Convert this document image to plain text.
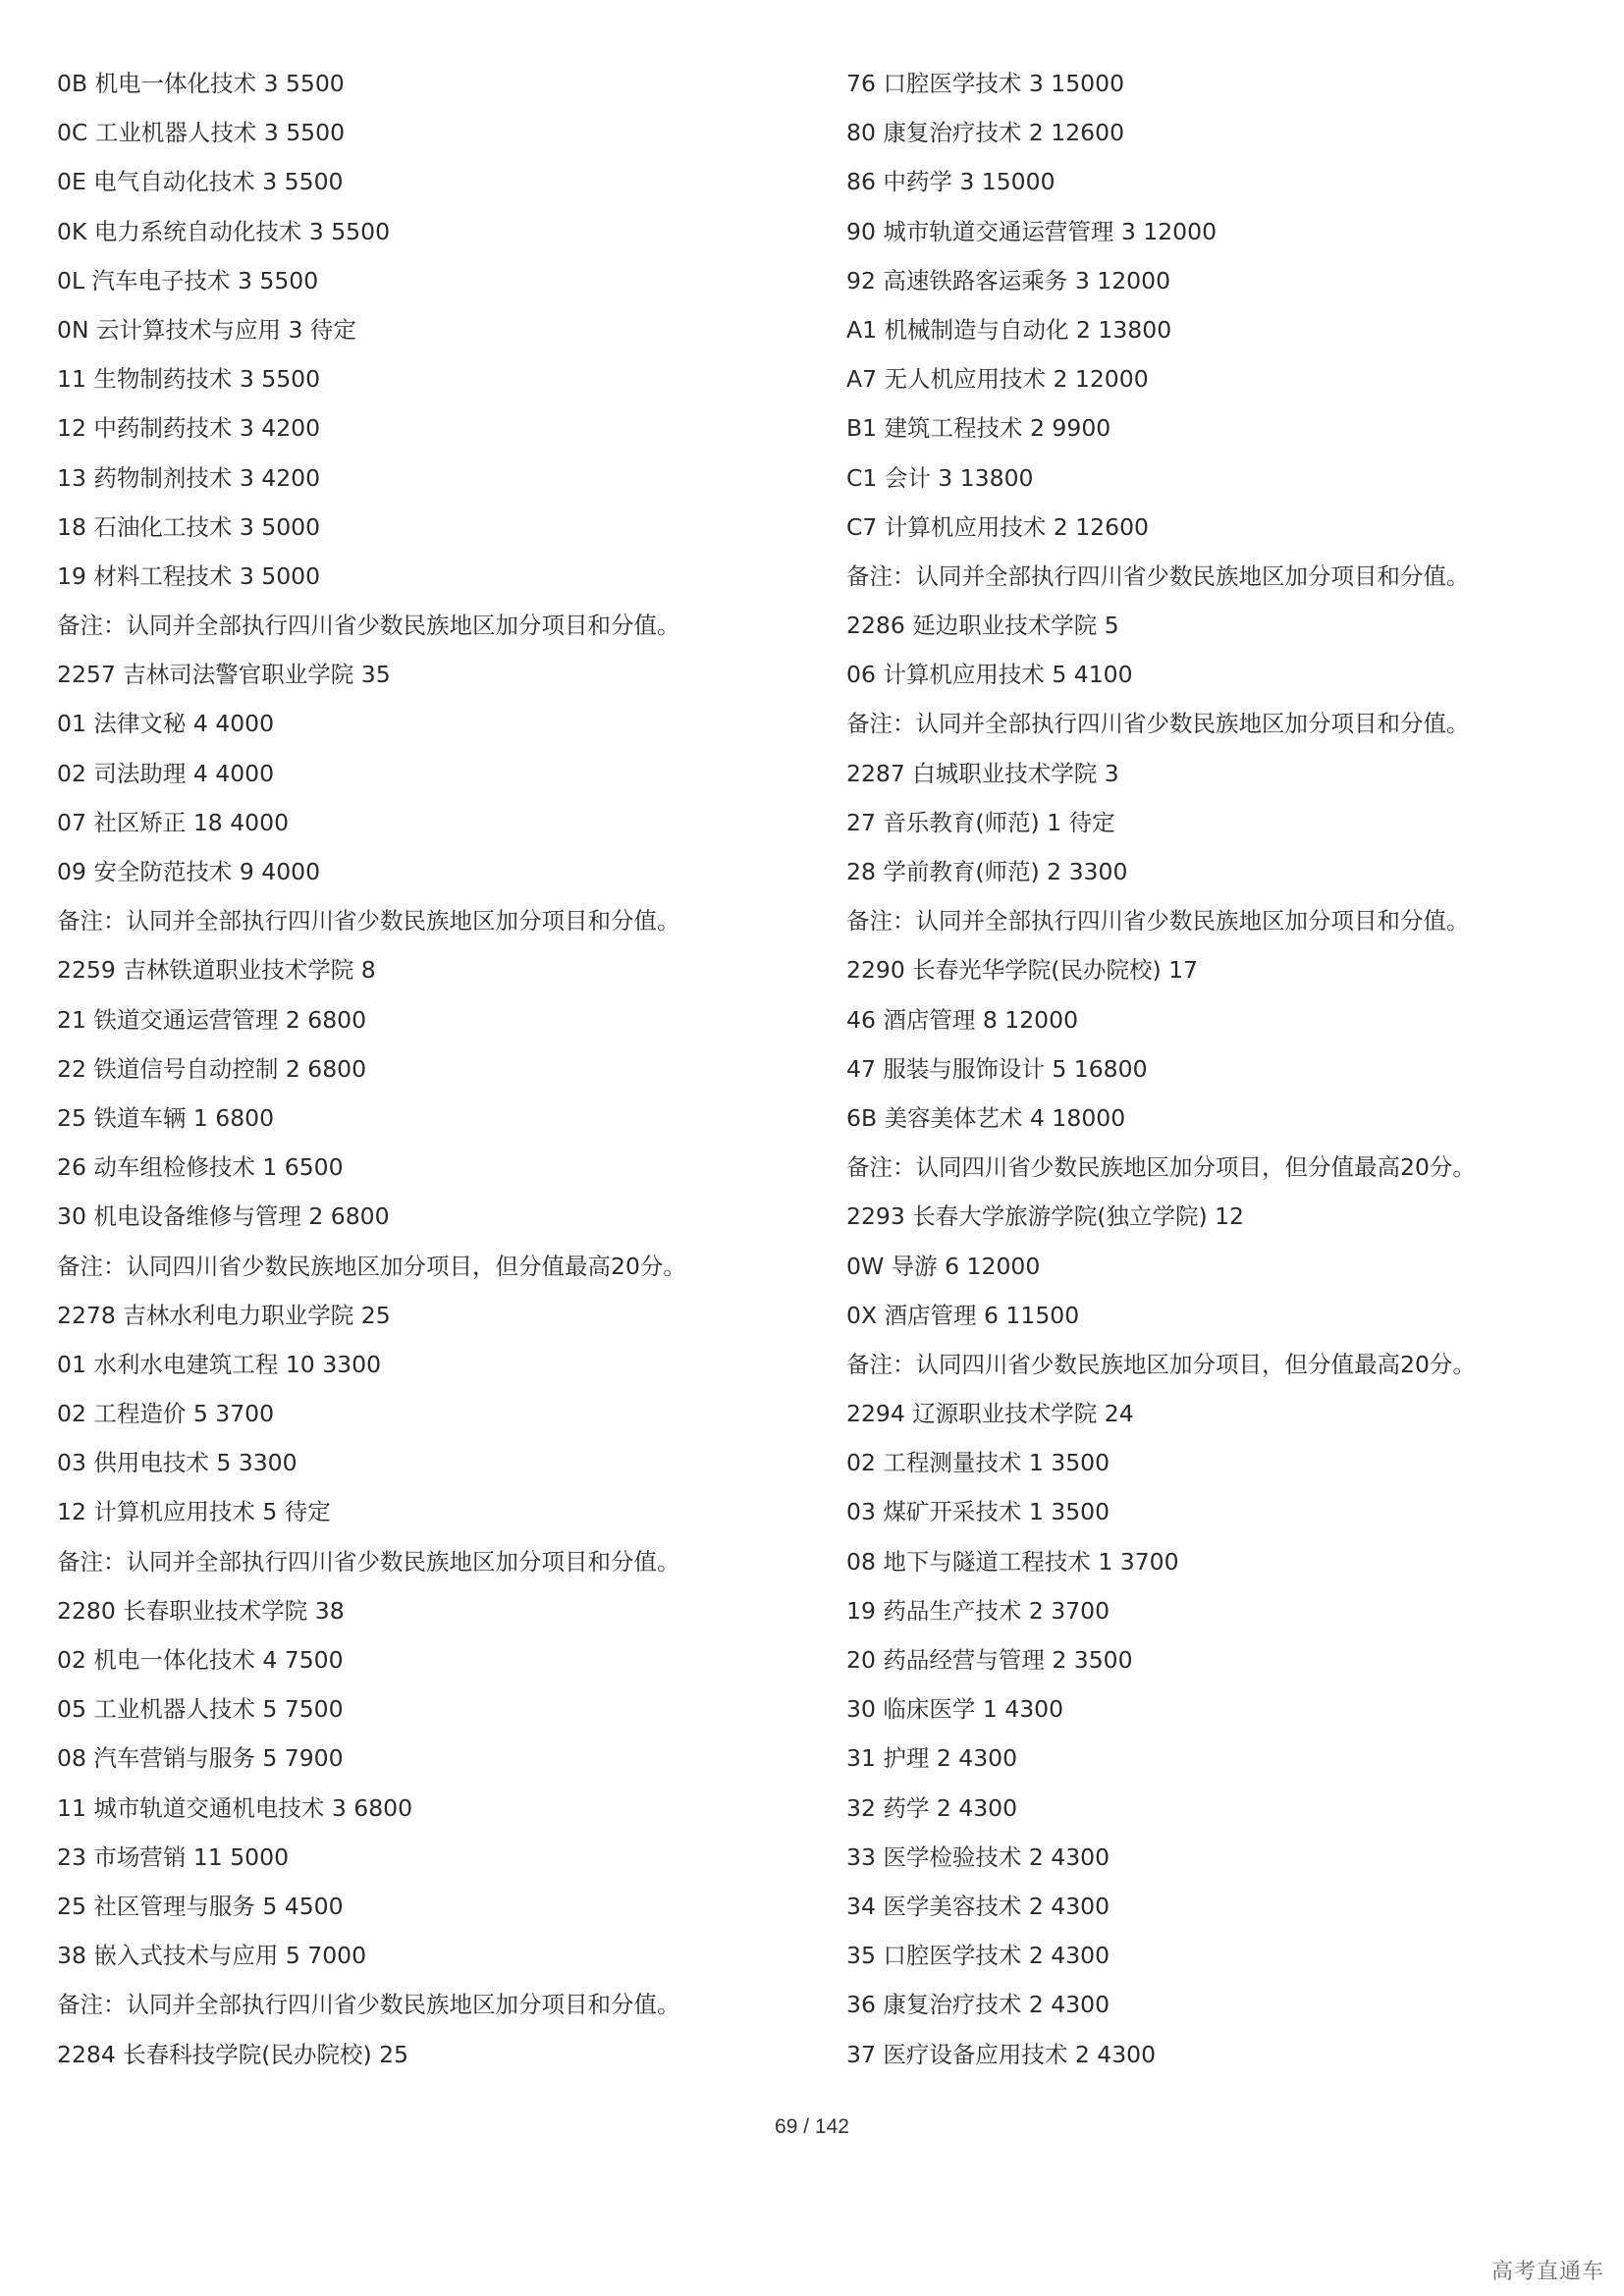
0B 机电一体化技术 3 5500
0C 工业机器人技术 3 5500
0E 电气自动化技术 3 5500
0K 电力系统自动化技术 3 5500
0L 汽车电子技术 3 5500
0N 云计算技术与应用 3 待定
11 生物制药技术 3 5500
12 中药制药技术 3 4200
13 药物制剂技术 3 4200
18 石油化工技术 3 5000
19 材料工程技术 3 5000
备注：认同并全部执行四川省少数民族地区加分项目和分值。
2257 吉林司法警官职业学院 35
01 法律文秘 4 4000
02 司法助理 4 4000
07 社区矫正 18 4000
09 安全防范技术 9 4000
备注：认同并全部执行四川省少数民族地区加分项目和分值。
2259 吉林铁道职业技术学院 8
21 铁道交通运营管理 2 6800
22 铁道信号自动控制 2 6800
25 铁道车辆 1 6800
26 动车组检修技术 1 6500
30 机电设备维修与管理 2 6800
备注：认同四川省少数民族地区加分项目，但分值最高20分。
2278 吉林水利电力职业学院 25
01 水利水电建筑工程 10 3300
02 工程造价 5 3700
03 供用电技术 5 3300
12 计算机应用技术 5 待定
备注：认同并全部执行四川省少数民族地区加分项目和分值。
2280 长春职业技术学院 38
02 机电一体化技术 4 7500
05 工业机器人技术 5 7500
08 汽车营销与服务 5 7900
11 城市轨道交通机电技术 3 6800
23 市场营销 11 5000
25 社区管理与服务 5 4500
38 嵌入式技术与应用 5 7000
备注：认同并全部执行四川省少数民族地区加分项目和分值。
2284 长春科技学院(民办院校) 25
76 口腔医学技术 3 15000
80 康复治疗技术 2 12600
86 中药学 3 15000
90 城市轨道交通运营管理 3 12000
92 高速铁路客运乘务 3 12000
A1 机械制造与自动化 2 13800
A7 无人机应用技术 2 12000
B1 建筑工程技术 2 9900
C1 会计 3 13800
C7 计算机应用技术 2 12600
备注：认同并全部执行四川省少数民族地区加分项目和分值。
2286 延边职业技术学院 5
06 计算机应用技术 5 4100
备注：认同并全部执行四川省少数民族地区加分项目和分值。
2287 白城职业技术学院 3
27 音乐教育(师范) 1 待定
28 学前教育(师范) 2 3300
备注：认同并全部执行四川省少数民族地区加分项目和分值。
2290 长春光华学院(民办院校) 17
46 酒店管理 8 12000
47 服装与服饰设计 5 16800
6B 美容美体艺术 4 18000
备注：认同四川省少数民族地区加分项目，但分值最高20分。
2293 长春大学旅游学院(独立学院) 12
0W 导游 6 12000
0X 酒店管理 6 11500
备注：认同四川省少数民族地区加分项目，但分值最高20分。
2294 辽源职业技术学院 24
02 工程测量技术 1 3500
03 煤矿开采技术 1 3500
08 地下与隧道工程技术 1 3700
19 药品生产技术 2 3700
20 药品经营与管理 2 3500
30 临床医学 1 4300
31 护理 2 4300
32 药学 2 4300
33 医学检验技术 2 4300
34 医学美容技术 2 4300
35 口腔医学技术 2 4300
36 康复治疗技术 2 4300
37 医疗设备应用技术 2 4300
69 / 142
高考直通车
